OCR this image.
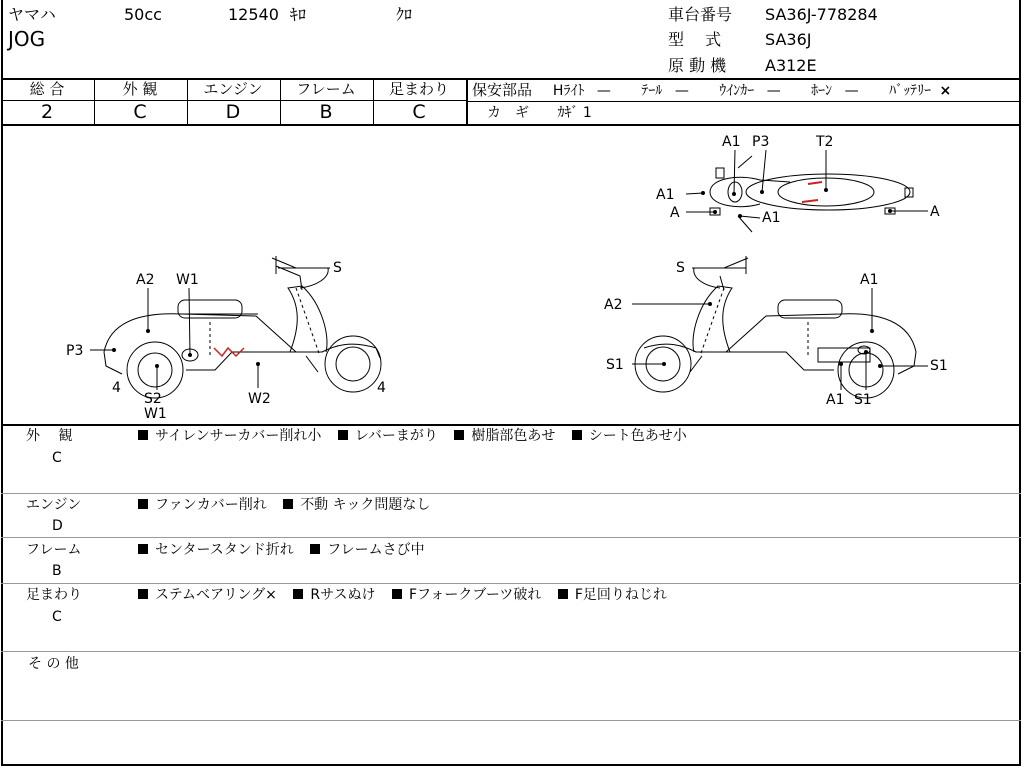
ヤマハ	50cc	12540 ｷﾛ	ｸﾛ
JOG
車台番号 SA36J-778284
型　 式	SA36J
原 動 機 A312E
総 合	外 観	エンジン	フレーム	足まわり
2	C	D	B	C
保安部品 Hﾗｲﾄ — ﾃｰﾙ — ｳｲﾝｶｰ — ﾎｰﾝ — ﾊﾞｯﾃﾘｰ ×
カ　ギ ｶｷﾞ 1
A1 P3	T2
A1
A	A1	A
S
A2 W1
P3
4
S2
W1
W2
4
S
A1
A2
S1	S1
A1 S1
外　 観
C
サイレンサーカバー削れ小 レバーまがり 樹脂部色あせ シート色あせ小
エンジン
D
ファンカバー削れ 不動 キック問題なし
フレーム
B
センタースタンド折れ フレームさび中
足まわり
C
ステムベアリング× Rサスぬけ Fフォークブーツ破れ F足回りねじれ
そ の 他
